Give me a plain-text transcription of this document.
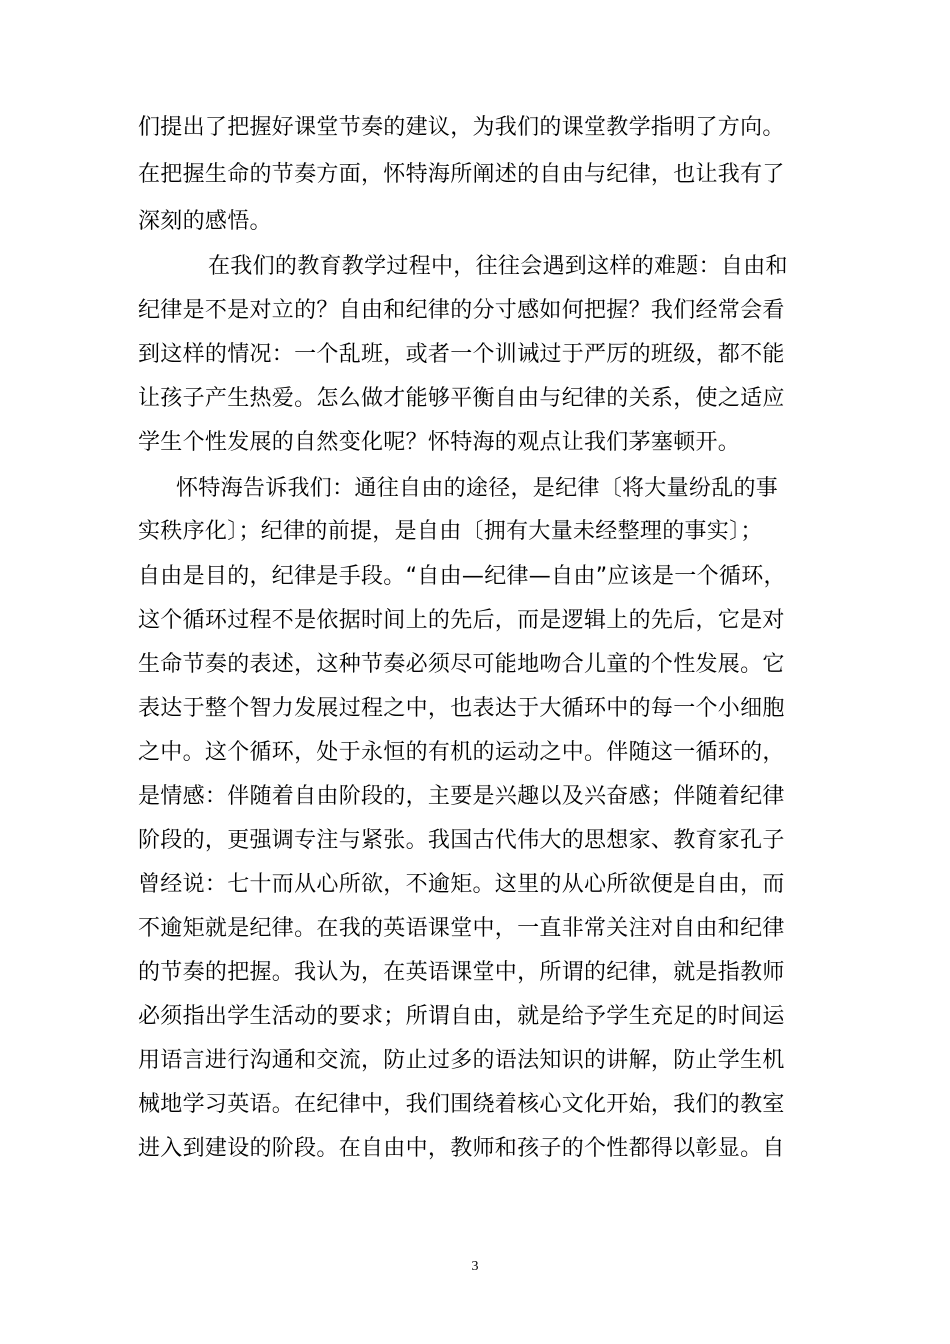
们提出了把握好课堂节奏的建议，为我们的课堂教学指明了方向。
在把握生命的节奏方面，怀特海所阐述的自由与纪律，也让我有了
深刻的感悟。
在我们的教育教学过程中，往往会遇到这样的难题：自由和
纪律是不是对立的？自由和纪律的分寸感如何把握？我们经常会看
到这样的情况：一个乱班，或者一个训诫过于严厉的班级，都不能
让孩子产生热爱。怎么做才能够平衡自由与纪律的关系，使之适应
学生个性发展的自然变化呢？怀特海的观点让我们茅塞顿开。
怀特海告诉我们：通往自由的途径，是纪律〔将大量纷乱的事
实秩序化〕；纪律的前提，是自由〔拥有大量未经整理的事实〕；
自由是目的，纪律是手段。“自由—纪律—自由”应该是一个循环，
这个循环过程不是依据时间上的先后，而是逻辑上的先后，它是对
生命节奏的表述，这种节奏必须尽可能地吻合儿童的个性发展。它
表达于整个智力发展过程之中，也表达于大循环中的每一个小细胞
之中。这个循环，处于永恒的有机的运动之中。伴随这一循环的，
是情感：伴随着自由阶段的，主要是兴趣以及兴奋感；伴随着纪律
阶段的，更强调专注与紧张。我国古代伟大的思想家、教育家孔子
曾经说：七十而从心所欲，不逾矩。这里的从心所欲便是自由，而
不逾矩就是纪律。在我的英语课堂中，一直非常关注对自由和纪律
的节奏的把握。我认为，在英语课堂中，所谓的纪律，就是指教师
必须指出学生活动的要求；所谓自由，就是给予学生充足的时间运
用语言进行沟通和交流，防止过多的语法知识的讲解，防止学生机
械地学习英语。在纪律中，我们围绕着核心文化开始，我们的教室
进入到建设的阶段。在自由中，教师和孩子的个性都得以彰显。自
3
